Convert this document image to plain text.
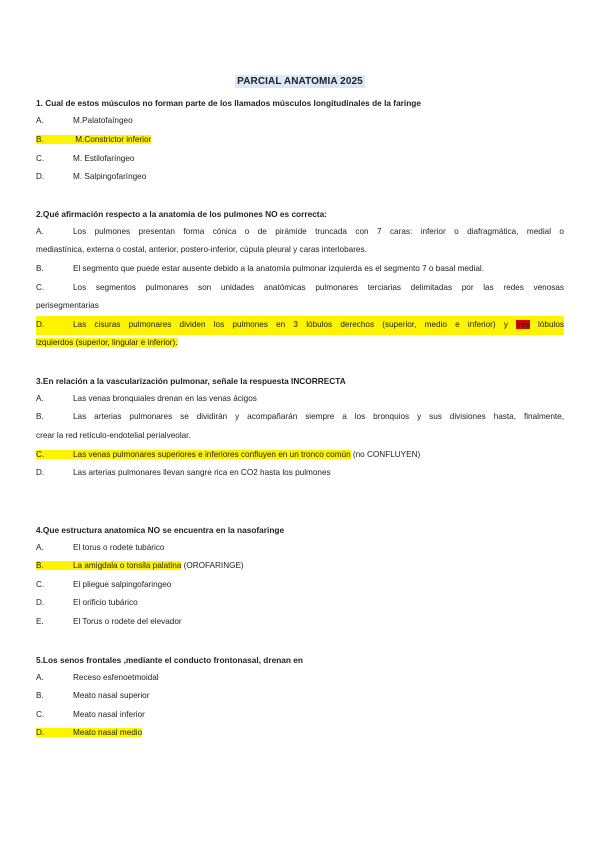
PARCIAL ANATOMIA 2025
1. Cual de estos músculos no forman parte de los llamados músculos longitudinales de la faringe
A.	M.Palatofaíngeo
B.	M.Constrictor inferior
C.	M. Estilofaríngeo
D.	M. Salpingofaríngeo
2.Qué afirmación respecto a la anatomía de los pulmones NO es correcta:
A.	Los pulmones presentan forma cónica o de pirámide truncada con 7 caras: inferior o diafragmática, medial o
mediastínica, externa o costal, anterior, postero-inferior, cúpula pleural y caras interlobares.
B.	El segmento que puede estar ausente debido a la anatomía pulmonar izquierda es el segmento 7 o basal medial.
C.	Los segmentos pulmonares son unidades anatómicas pulmonares terciarias delimitadas por las redes venosas
perisegmentarias
D.	Las cisuras pulmonares dividen los pulmones en 3 lóbulos derechos (superior, medio e inferior) y tres lóbulos
izquierdos (superior, lingular e inferior).
3.En relación a la vascularización pulmonar, señale la respuesta INCORRECTA
A.	Las venas bronquiales drenan en las venas ácigos
B.	Las arterias pulmonares se dividirán y acompañarán siempre a los bronquios y sus divisiones hasta, finalmente,
crear la red retículo-endotelial perialveolar.
C.	Las venas pulmonares superiores e inferiores confluyen en un tronco común (no CONFLUYEN)
D.	Las arterias pulmonares llevan sangre rica en CO2 hasta los pulmones
4.Que estructura anatomica NO se encuentra en la nasofaringe
A.	El torus o rodete tubárico
B.	La amigdala o tonsila palatina (OROFARINGE)
C.	El pliegue salpingofaringeo
D.	El orificio tubárico
E.	El Torus o rodete del elevador
5.Los senos frontales ,mediante el conducto frontonasal, drenan en
A.	Receso esfenoetmoidal
B.	Meato nasal superior
C.	Meato nasal inferior
D.	Meato nasal medio
